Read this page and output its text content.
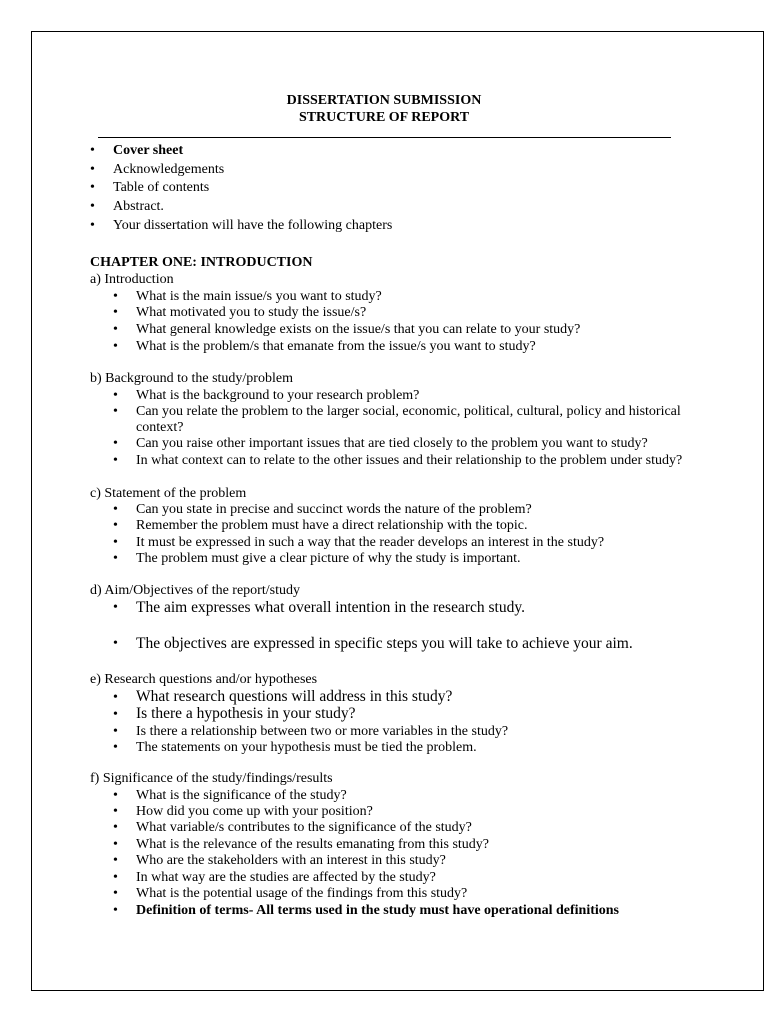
DISSERTATION SUBMISSION
STRUCTURE OF REPORT
• Cover sheet
• Acknowledgements
• Table of contents
• Abstract.
• Your dissertation will have the following chapters
CHAPTER ONE: INTRODUCTION
a) Introduction
• What is the main issue/s you want to study?
• What motivated you to study the issue/s?
• What general knowledge exists on the issue/s that you can relate to your study?
• What is the problem/s that emanate from the issue/s you want to study?
b) Background to the study/problem
• What is the background to your research problem?
• Can you relate the problem to the larger social, economic, political, cultural, policy and historical context?
• Can you raise other important issues that are tied closely to the problem you want to study?
• In what context can to relate to the other issues and their relationship to the problem under study?
c) Statement of the problem
• Can you state in precise and succinct words the nature of the problem?
• Remember the problem must have a direct relationship with the topic.
• It must be expressed in such a way that the reader develops an interest in the study?
• The problem must give a clear picture of why the study is important.
d) Aim/Objectives of the report/study
• The aim expresses what overall intention in the research study.
• The objectives are expressed in specific steps you will take to achieve your aim.
e) Research questions and/or hypotheses
• What research questions will address in this study?
• Is there a hypothesis in your study?
• Is there a relationship between two or more variables in the study?
• The statements on your hypothesis must be tied the problem.
f) Significance of the study/findings/results
• What is the significance of the study?
• How did you come up with your position?
• What variable/s contributes to the significance of the study?
• What is the relevance of the results emanating from this study?
• Who are the stakeholders with an interest in this study?
• In what way are the studies are affected by the study?
• What is the potential usage of the findings from this study?
• Definition of terms- All terms used in the study must have operational definitions
